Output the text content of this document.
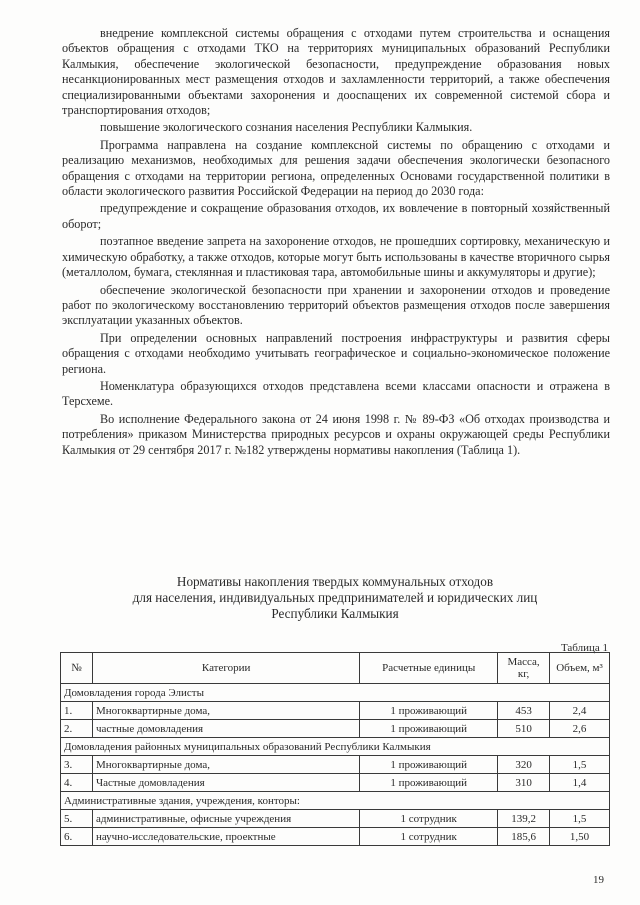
внедрение комплексной системы обращения с отходами путем строительства и оснащения объектов обращения с отходами ТКО на территориях муниципальных образований Республики Калмыкия, обеспечение экологической безопасности, предупреждение образования новых несанкционированных мест размещения отходов и захламленности территорий, а также обеспечения специализированными объектами захоронения и доосnащених их современной системой сбора и транспортирования отходов;

повышение экологического сознания населения Республики Калмыкия.

Программа направлена на создание комплексной системы по обращению с отходами и реализацию механизмов, необходимых для решения задачи обеспечения экологически безопасного обращения с отходами на территории региона, определенных Основами государственной политики в области экологического развития Российской Федерации на период до 2030 года:

предупреждение и сокращение образования отходов, их вовлечение в повторный хозяйственный оборот;

поэтапное введение запрета на захоронение отходов, не прошедших сортировку, механическую и химическую обработку, а также отходов, которые могут быть использованы в качестве вторичного сырья (металлолом, бумага, стеклянная и пластиковая тара, автомобильные шины и аккумуляторы и другие);

обеспечение экологической безопасности при хранении и захоронении отходов и проведение работ по экологическому восстановлению территорий объектов размещения отходов после завершения эксплуатации указанных объектов.

При определении основных направлений построения инфраструктуры и развития сферы обращения с отходами необходимо учитывать географическое и социально-экономическое положение региона.

Номенклатура образующихся отходов представлена всеми классами опасности и отражена в Терсхеме.

Во исполнение Федерального закона от 24 июня 1998 г. № 89-ФЗ «Об отходах производства и потребления» приказом Министерства природных ресурсов и охраны окружающей среды Республики Калмыкия от 29 сентября 2017 г. №182 утверждены нормативы накопления (Таблица 1).

Нормативы накопления твердых коммунальных отходов
для населения, индивидуальных предпринимателей и юридических лиц
Республики Калмыкия
Таблица 1
№	Категории	Расчетные единицы	Масса, кг,	Объем, м³
Домовладения города Элисты				
1.	Многоквартирные дома,	1 проживающий	453	2,4
2.	частные домовладения	1 проживающий	510	2,6
Домовладения районных муниципальных образований Республики Калмыкия				
3.	Многоквартирные дома,	1 проживающий	320	1,5
4.	Частные домовладения	1 проживающий	310	1,4
Административные здания, учреждения, конторы:				
5.	административные, офисные учреждения	1 сотрудник	139,2	1,5
6.	научно-исследовательские, проектные	1 сотрудник	185,6	1,50
19
